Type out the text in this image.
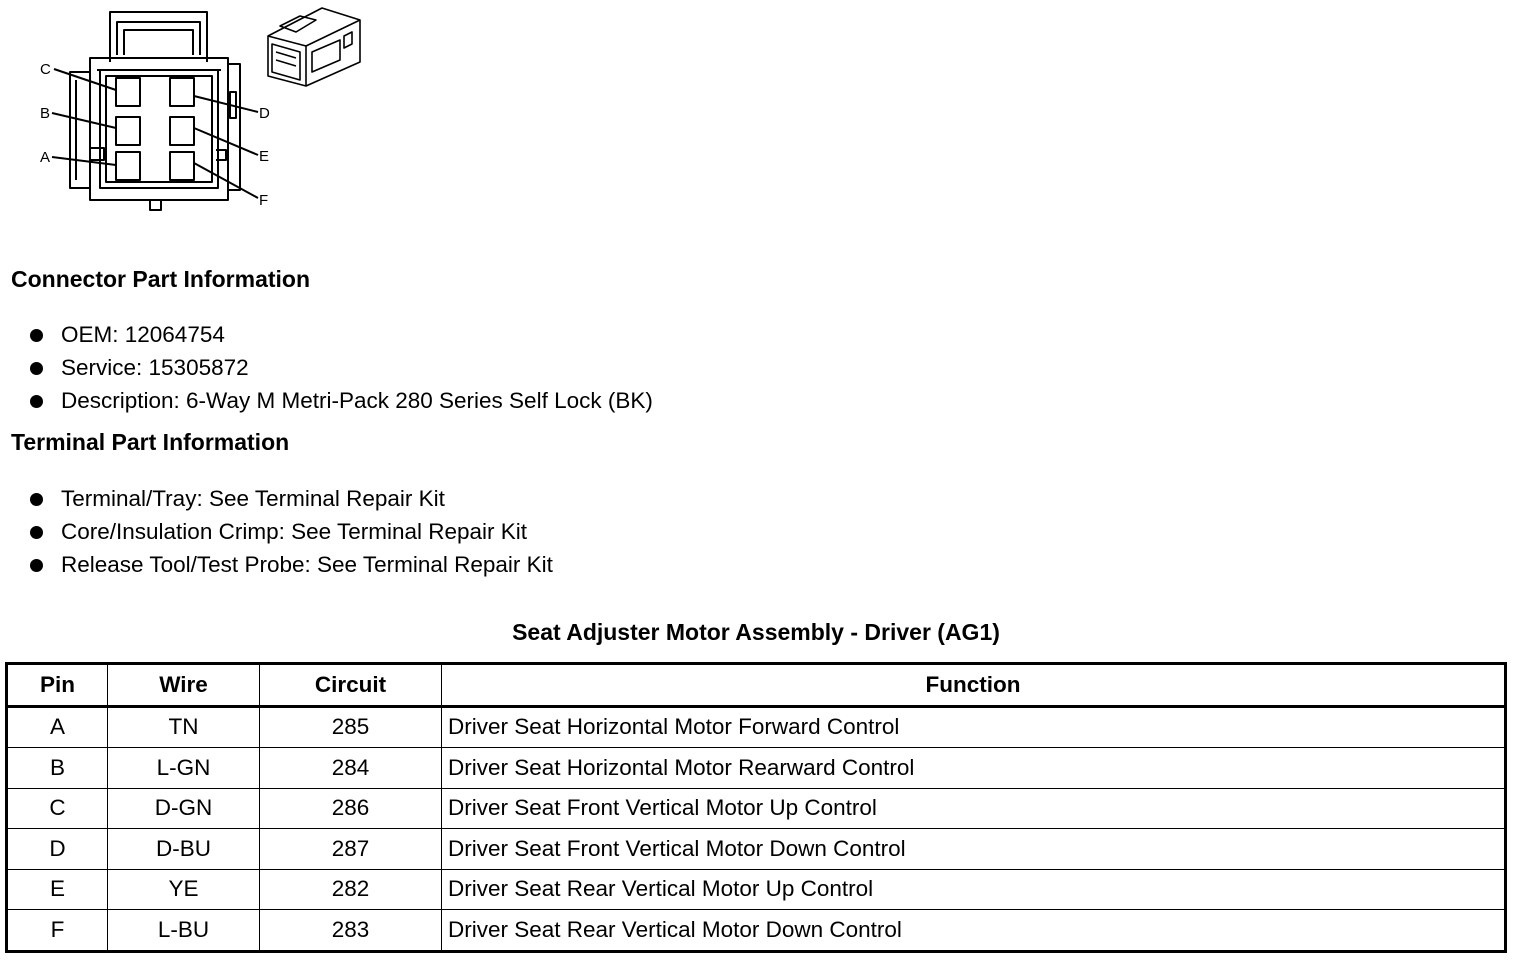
C
B
A
D
E
F
Connector Part Information
OEM: 12064754
Service: 15305872
Description: 6-Way M Metri-Pack 280 Series Self Lock (BK)
Terminal Part Information
Terminal/Tray: See Terminal Repair Kit
Core/Insulation Crimp: See Terminal Repair Kit
Release Tool/Test Probe: See Terminal Repair Kit
Seat Adjuster Motor Assembly - Driver (AG1)
Pin	Wire	Circuit	Function
A	TN	285	Driver Seat Horizontal Motor Forward Control
B	L-GN	284	Driver Seat Horizontal Motor Rearward Control
C	D-GN	286	Driver Seat Front Vertical Motor Up Control
D	D-BU	287	Driver Seat Front Vertical Motor Down Control
E	YE	282	Driver Seat Rear Vertical Motor Up Control
F	L-BU	283	Driver Seat Rear Vertical Motor Down Control
